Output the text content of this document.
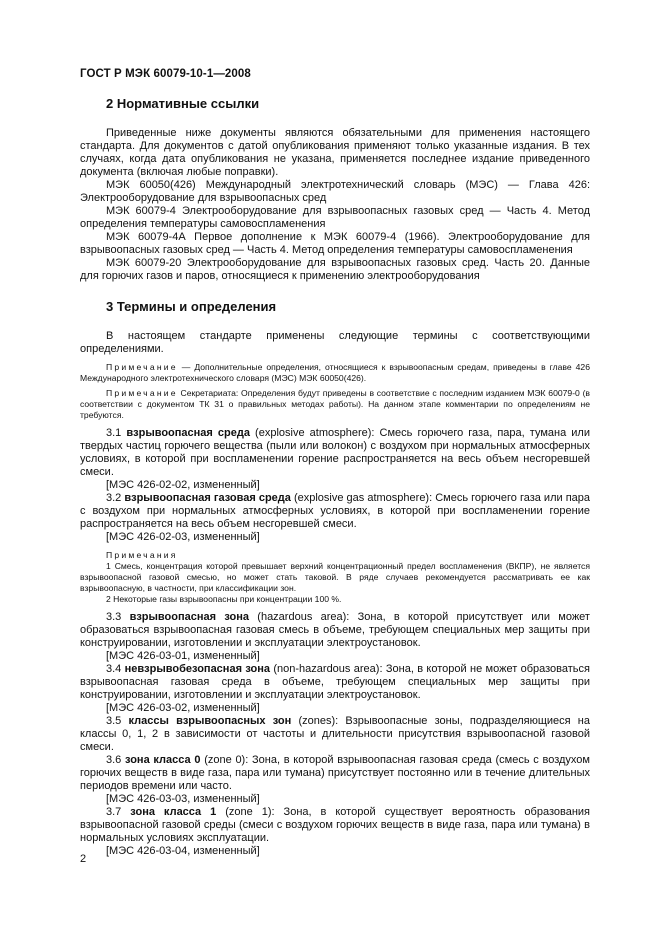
ГОСТ Р МЭК 60079-10-1—2008
2 Нормативные ссылки

Приведенные ниже документы являются обязательными для применения настоящего стандарта. Для документов с датой опубликования применяют только указанные издания. В тех случаях, когда дата опубликования не указана, применяется последнее издание приведенного документа (включая любые поправки).

МЭК 60050(426) Международный электротехнический словарь (МЭС) — Глава 426: Электрооборудование для взрывоопасных сред

МЭК 60079-4 Электрооборудование для взрывоопасных газовых сред — Часть 4. Метод определения температуры самовоспламенения

МЭК 60079-4А Первое дополнение к МЭК 60079-4 (1966). Электрооборудование для взрывоопасных газовых сред — Часть 4. Метод определения температуры самовоспламенения

МЭК 60079-20 Электрооборудование для взрывоопасных газовых сред. Часть 20. Данные для горючих газов и паров, относящиеся к применению электрооборудования

3 Термины и определения

В настоящем стандарте применены следующие термины с соответствующими определениями.

Примечание — Дополнительные определения, относящиеся к взрывоопасным средам, приведены в главе 426 Международного электротехнического словаря (МЭС) МЭК 60050(426).

Примечание Секретариата: Определения будут приведены в соответствие с последним изданием МЭК 60079-0 (в соответствии с документом ТК 31 о правильных методах работы). На данном этапе комментарии по определениям не требуются.

3.1 взрывоопасная среда (explosive atmosphere): Смесь горючего газа, пара, тумана или твердых частиц горючего вещества (пыли или волокон) с воздухом при нормальных атмосферных условиях, в которой при воспламенении горение распространяется на весь объем несгоревшей смеси.

[МЭС 426-02-02, измененный]

3.2 взрывоопасная газовая среда (explosive gas atmosphere): Смесь горючего газа или пара с воздухом при нормальных атмосферных условиях, в которой при воспламенении горение распространяется на весь объем несгоревшей смеси.

[МЭС 426-02-03, измененный]

Примечания

1 Смесь, концентрация которой превышает верхний концентрационный предел воспламенения (ВКПР), не является взрывоопасной газовой смесью, но может стать таковой. В ряде случаев рекомендуется рассматривать ее как взрывоопасную, в частности, при классификации зон.

2 Некоторые газы взрывоопасны при концентрации 100 %.

3.3 взрывоопасная зона (hazardous area): Зона, в которой присутствует или может образоваться взрывоопасная газовая смесь в объеме, требующем специальных мер защиты при конструировании, изготовлении и эксплуатации электроустановок.

[МЭС 426-03-01, измененный]

3.4 невзрывобезопасная зона (non-hazardous area): Зона, в которой не может образоваться взрывоопасная газовая среда в объеме, требующем специальных мер защиты при конструировании, изготовлении и эксплуатации электроустановок.

[МЭС 426-03-02, измененный]

3.5 классы взрывоопасных зон (zones): Взрывоопасные зоны, подразделяющиеся на классы 0, 1, 2 в зависимости от частоты и длительности присутствия взрывоопасной газовой смеси.

3.6 зона класса 0 (zone 0): Зона, в которой взрывоопасная газовая среда (смесь с воздухом горючих веществ в виде газа, пара или тумана) присутствует постоянно или в течение длительных периодов времени или часто.

[МЭС 426-03-03, измененный]

3.7 зона класса 1 (zone 1): Зона, в которой существует вероятность образования взрывоопасной газовой среды (смеси с воздухом горючих веществ в виде газа, пара или тумана) в нормальных условиях эксплуатации.

[МЭС 426-03-04, измененный]

2
